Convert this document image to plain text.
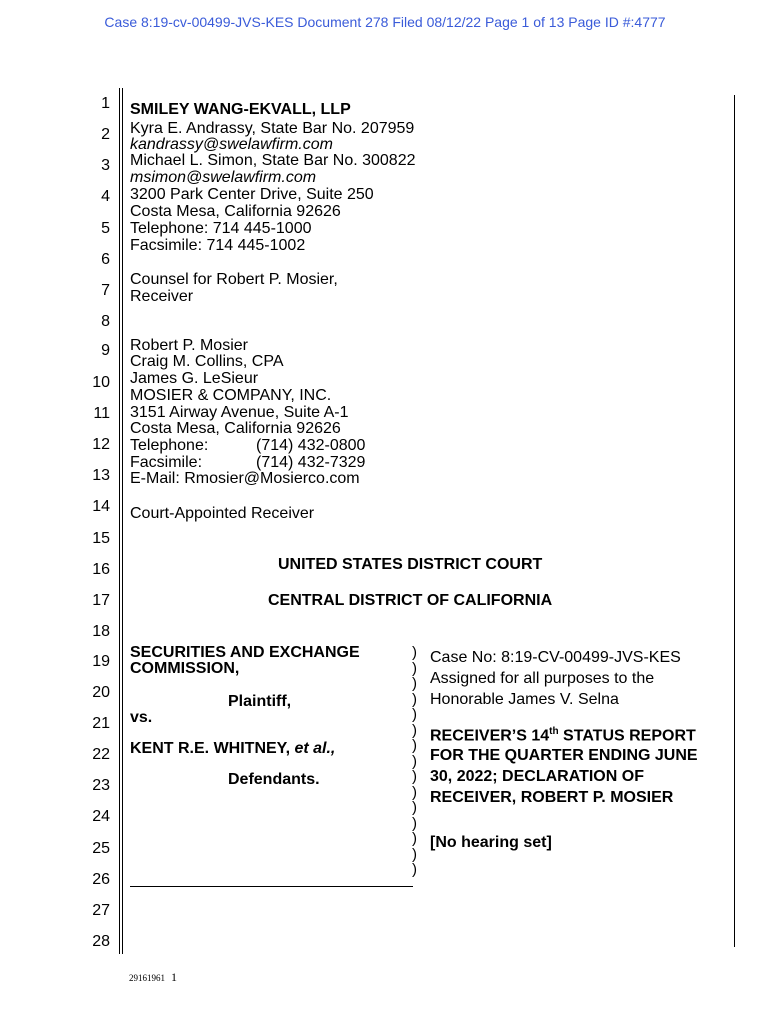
Case 8:19-cv-00499-JVS-KES Document 278 Filed 08/12/22 Page 1 of 13 Page ID #:4777
1
2
3
4
5
6
7
8
9
10
11
12
13
14
15
16
17
18
19
20
21
22
23
24
25
26
27
28
SMILEY WANG-EKVALL, LLP
Kyra E. Andrassy, State Bar No. 207959
kandrassy@swelawfirm.com
Michael L. Simon, State Bar No. 300822
msimon@swelawfirm.com
3200 Park Center Drive, Suite 250
Costa Mesa, California 92626
Telephone: 714 445-1000
Facsimile: 714 445-1002
Counsel for Robert P. Mosier,
Receiver
Robert P. Mosier
Craig M. Collins, CPA
James G. LeSieur
MOSIER & COMPANY, INC.
3151 Airway Avenue, Suite A-1
Costa Mesa, California 92626
Telephone:	(714) 432-0800
Facsimile:	(714) 432-7329
E-Mail: Rmosier@Mosierco.com
Court-Appointed Receiver
UNITED STATES DISTRICT COURT
CENTRAL DISTRICT OF CALIFORNIA
SECURITIES AND EXCHANGE
COMMISSION,
Plaintiff,
vs.
KENT R.E. WHITNEY, et al.,
Defendants.
)
)
)
)
)
)
)
)
)
)
)
)
)
)
)
Case No: 8:19-CV-00499-JVS-KES
Assigned for all purposes to the
Honorable James V. Selna
RECEIVER’S 14th STATUS REPORT
FOR THE QUARTER ENDING JUNE
30, 2022; DECLARATION OF
RECEIVER, ROBERT P. MOSIER
[No hearing set]
29161961 1
